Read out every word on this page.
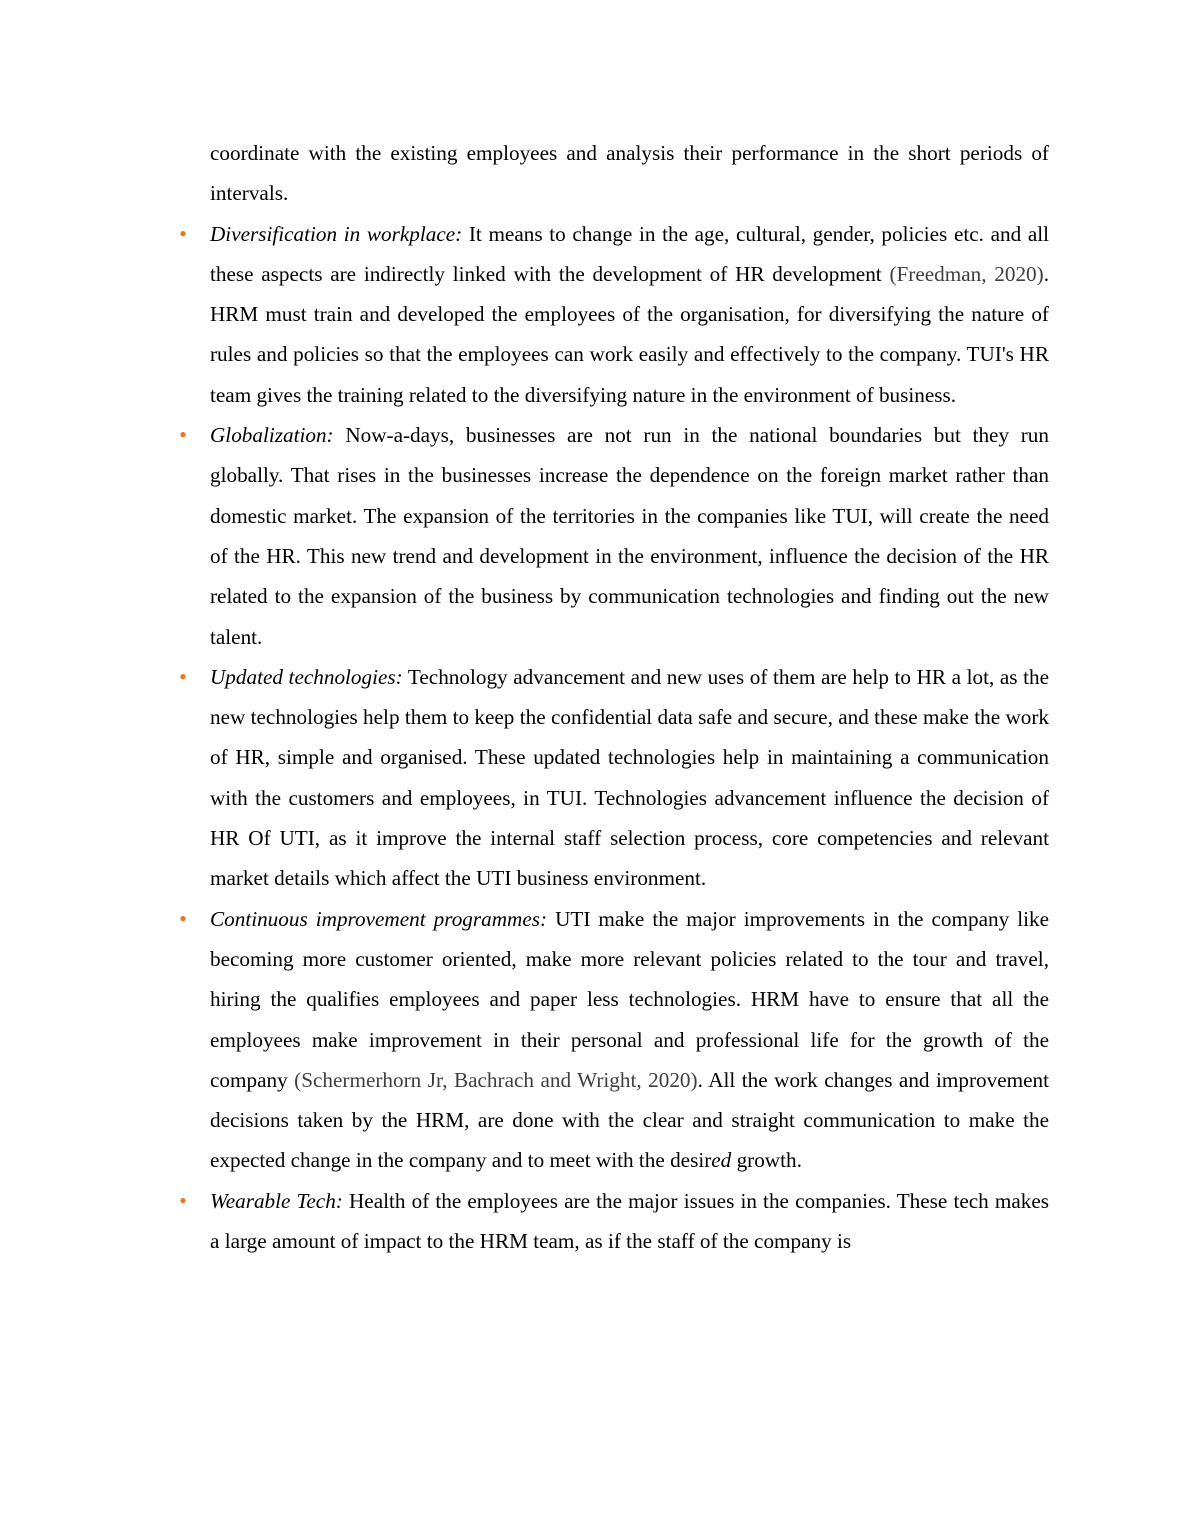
coordinate with the existing employees and analysis their performance in the short periods of intervals.

• Diversification in workplace: It means to change in the age, cultural, gender, policies etc. and all these aspects are indirectly linked with the development of HR development (Freedman, 2020). HRM must train and developed the employees of the organisation, for diversifying the nature of rules and policies so that the employees can work easily and effectively to the company. TUI's HR team gives the training related to the diversifying nature in the environment of business.

• Globalization: Now-a-days, businesses are not run in the national boundaries but they run globally. That rises in the businesses increase the dependence on the foreign market rather than domestic market. The expansion of the territories in the companies like TUI, will create the need of the HR. This new trend and development in the environment, influence the decision of the HR related to the expansion of the business by communication technologies and finding out the new talent.

• Updated technologies: Technology advancement and new uses of them are help to HR a lot, as the new technologies help them to keep the confidential data safe and secure, and these make the work of HR, simple and organised. These updated technologies help in maintaining a communication with the customers and employees, in TUI. Technologies advancement influence the decision of HR Of UTI, as it improve the internal staff selection process, core competencies and relevant market details which affect the UTI business environment.

• Continuous improvement programmes: UTI make the major improvements in the company like becoming more customer oriented, make more relevant policies related to the tour and travel, hiring the qualifies employees and paper less technologies. HRM have to ensure that all the employees make improvement in their personal and professional life for the growth of the company (Schermerhorn Jr, Bachrach and Wright, 2020). All the work changes and improvement decisions taken by the HRM, are done with the clear and straight communication to make the expected change in the company and to meet with the desired growth.

• Wearable Tech: Health of the employees are the major issues in the companies. These tech makes a large amount of impact to the HRM team, as if the staff of the company is
